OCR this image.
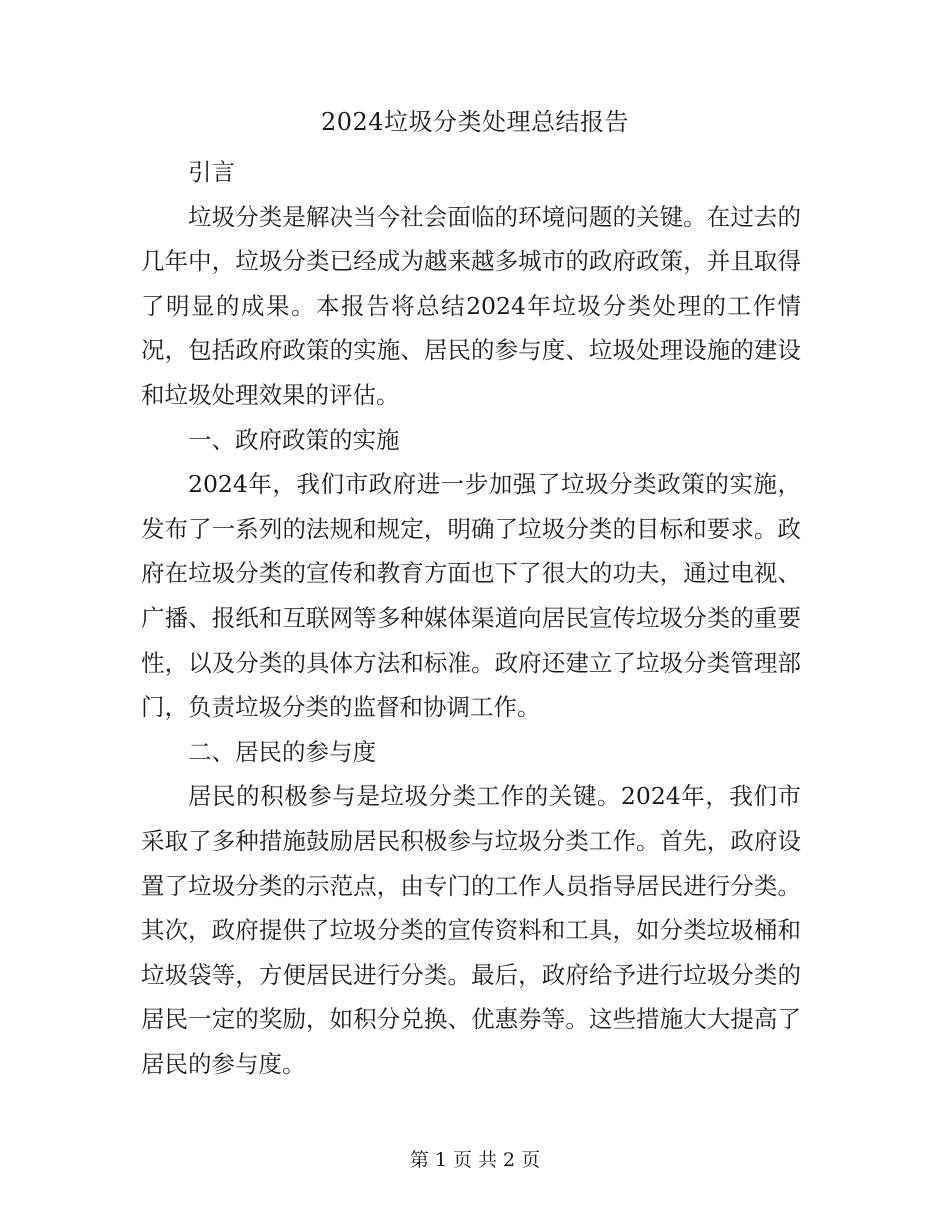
2024垃圾分类处理总结报告

引言

垃圾分类是解决当今社会面临的环境问题的关键。在过去的几年中，垃圾分类已经成为越来越多城市的政府政策，并且取得了明显的成果。本报告将总结2024年垃圾分类处理的工作情况，包括政府政策的实施、居民的参与度、垃圾处理设施的建设和垃圾处理效果的评估。

一、政府政策的实施

2024年，我们市政府进一步加强了垃圾分类政策的实施，发布了一系列的法规和规定，明确了垃圾分类的目标和要求。政府在垃圾分类的宣传和教育方面也下了很大的功夫，通过电视、广播、报纸和互联网等多种媒体渠道向居民宣传垃圾分类的重要性，以及分类的具体方法和标准。政府还建立了垃圾分类管理部门，负责垃圾分类的监督和协调工作。

二、居民的参与度

居民的积极参与是垃圾分类工作的关键。2024年，我们市采取了多种措施鼓励居民积极参与垃圾分类工作。首先，政府设置了垃圾分类的示范点，由专门的工作人员指导居民进行分类。其次，政府提供了垃圾分类的宣传资料和工具，如分类垃圾桶和垃圾袋等，方便居民进行分类。最后，政府给予进行垃圾分类的居民一定的奖励，如积分兑换、优惠券等。这些措施大大提高了居民的参与度。

第 1 页 共 2 页
